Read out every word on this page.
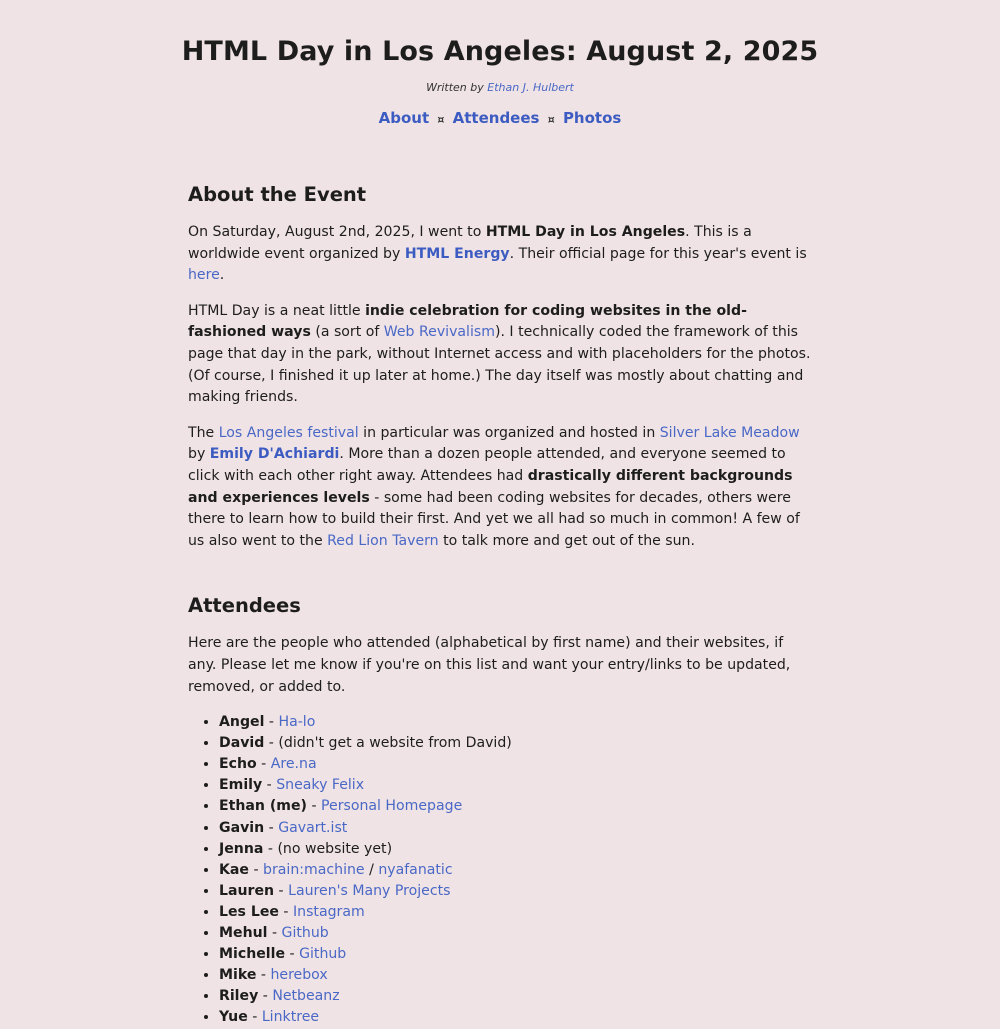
HTML Day in Los Angeles: August 2, 2025
Written by Ethan J. Hulbert
About ¤ Attendees ¤ Photos
About the Event

On Saturday, August 2nd, 2025, I went to HTML Day in Los Angeles. This is a worldwide event organized by HTML Energy. Their official page for this year's event is here.

HTML Day is a neat little indie celebration for coding websites in the old-fashioned ways (a sort of Web Revivalism). I technically coded the framework of this page that day in the park, without Internet access and with placeholders for the photos. (Of course, I finished it up later at home.) The day itself was mostly about chatting and making friends.

The Los Angeles festival in particular was organized and hosted in Silver Lake Meadow by Emily D'Achiardi. More than a dozen people attended, and everyone seemed to click with each other right away. Attendees had drastically different backgrounds and experiences levels - some had been coding websites for decades, others were there to learn how to build their first. And yet we all had so much in common! A few of us also went to the Red Lion Tavern to talk more and get out of the sun.

Attendees

Here are the people who attended (alphabetical by first name) and their websites, if any. Please let me know if you're on this list and want your entry/links to be updated, removed, or added to.

• Angel - Ha-lo
• David - (didn't get a website from David)
• Echo - Are.na
• Emily - Sneaky Felix
• Ethan (me) - Personal Homepage
• Gavin - Gavart.ist
• Jenna - (no website yet)
• Kae - brain:machine / nyafanatic
• Lauren - Lauren's Many Projects
• Les Lee - Instagram
• Mehul - Github
• Michelle - Github
• Mike - herebox
• Riley - Netbeanz
• Yue - Linktree
